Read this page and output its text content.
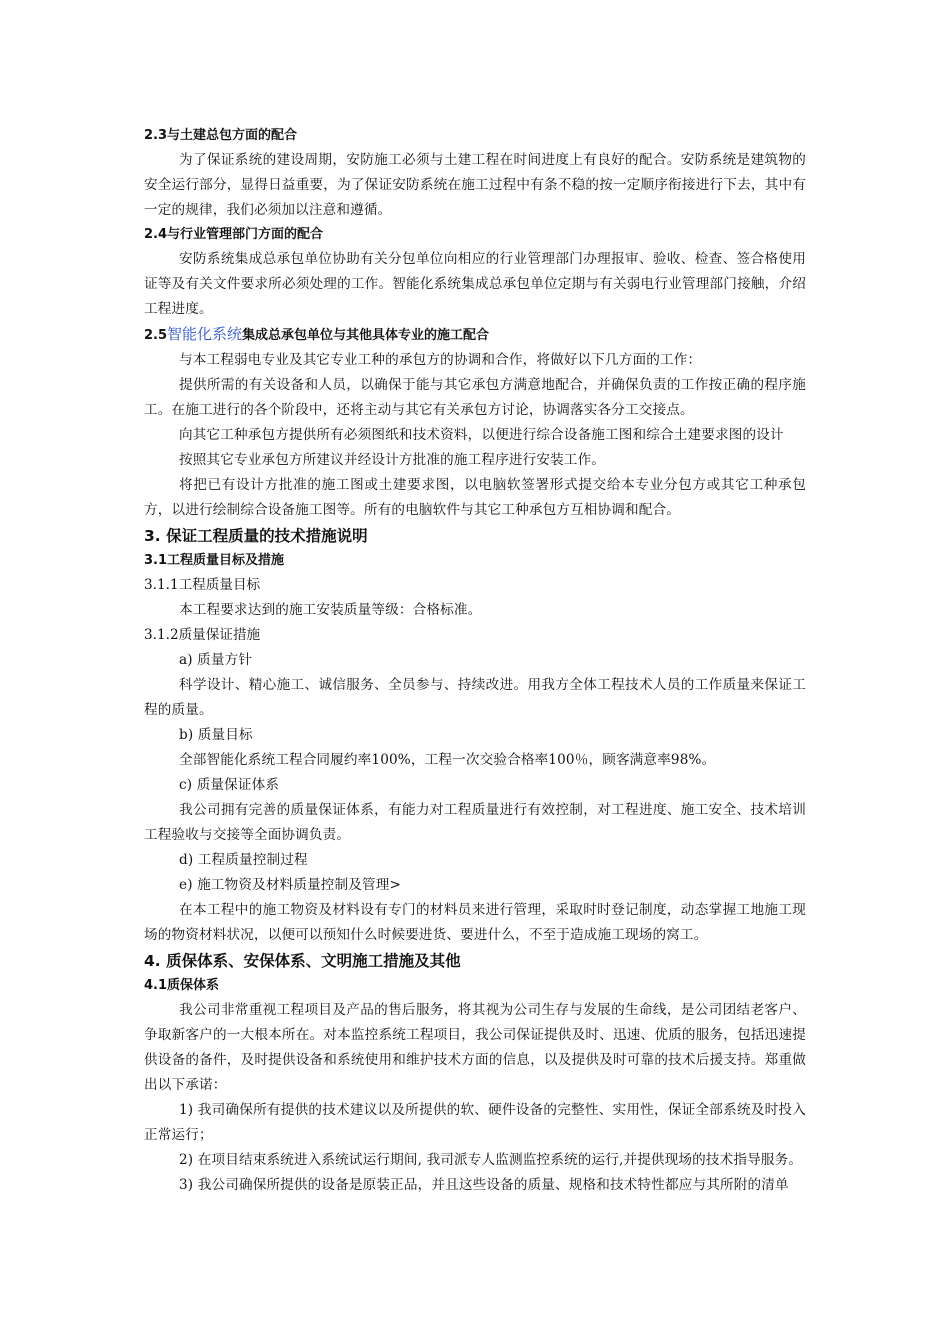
2.3与土建总包方面的配合

为了保证系统的建设周期，安防施工必须与土建工程在时间进度上有良好的配合。安防系统是建筑物的安全运行部分，显得日益重要，为了保证安防系统在施工过程中有条不稳的按一定顺序衔接进行下去，其中有一定的规律，我们必须加以注意和遵循。

2.4与行业管理部门方面的配合

安防系统集成总承包单位协助有关分包单位向相应的行业管理部门办理报审、验收、检查、签合格使用证等及有关文件要求所必须处理的工作。智能化系统集成总承包单位定期与有关弱电行业管理部门接触，介绍工程进度。

2.5智能化系统集成总承包单位与其他具体专业的施工配合

与本工程弱电专业及其它专业工种的承包方的协调和合作，将做好以下几方面的工作：

提供所需的有关设备和人员，以确保于能与其它承包方满意地配合，并确保负责的工作按正确的程序施工。在施工进行的各个阶段中，还将主动与其它有关承包方讨论，协调落实各分工交接点。

向其它工种承包方提供所有必须图纸和技术资料，以便进行综合设备施工图和综合土建要求图的设计

按照其它专业承包方所建议并经设计方批准的施工程序进行安装工作。

将把已有设计方批准的施工图或土建要求图，以电脑软签署形式提交给本专业分包方或其它工种承包方，以进行绘制综合设备施工图等。所有的电脑软件与其它工种承包方互相协调和配合。

3. 保证工程质量的技术措施说明
3.1工程质量目标及措施
3.1.1工程质量目标

本工程要求达到的施工安装质量等级：合格标准。

3.1.2质量保证措施

a) 质量方针

科学设计、精心施工、诚信服务、全员参与、持续改进。用我方全体工程技术人员的工作质量来保证工程的质量。

b) 质量目标

全部智能化系统工程合同履约率100%，工程一次交验合格率100％，顾客满意率98%。

c) 质量保证体系

我公司拥有完善的质量保证体系，有能力对工程质量进行有效控制，对工程进度、施工安全、技术培训工程验收与交接等全面协调负责。

d) 工程质量控制过程

e) 施工物资及材料质量控制及管理>

在本工程中的施工物资及材料设有专门的材料员来进行管理，采取时时登记制度，动态掌握工地施工现场的物资材料状况，以便可以预知什么时候要进货、要进什么，不至于造成施工现场的窝工。

4. 质保体系、安保体系、文明施工措施及其他
4.1质保体系

我公司非常重视工程项目及产品的售后服务，将其视为公司生存与发展的生命线，是公司团结老客户、争取新客户的一大根本所在。对本监控系统工程项目，我公司保证提供及时、迅速、优质的服务，包括迅速提供设备的备件，及时提供设备和系统使用和维护技术方面的信息，以及提供及时可靠的技术后援支持。郑重做出以下承诺：

1) 我司确保所有提供的技术建议以及所提供的软、硬件设备的完整性、实用性，保证全部系统及时投入正常运行；

2) 在项目结束系统进入系统试运行期间, 我司派专人监测监控系统的运行,并提供现场的技术指导服务。

3) 我公司确保所提供的设备是原装正品，并且这些设备的质量、规格和技术特性都应与其所附的清单
